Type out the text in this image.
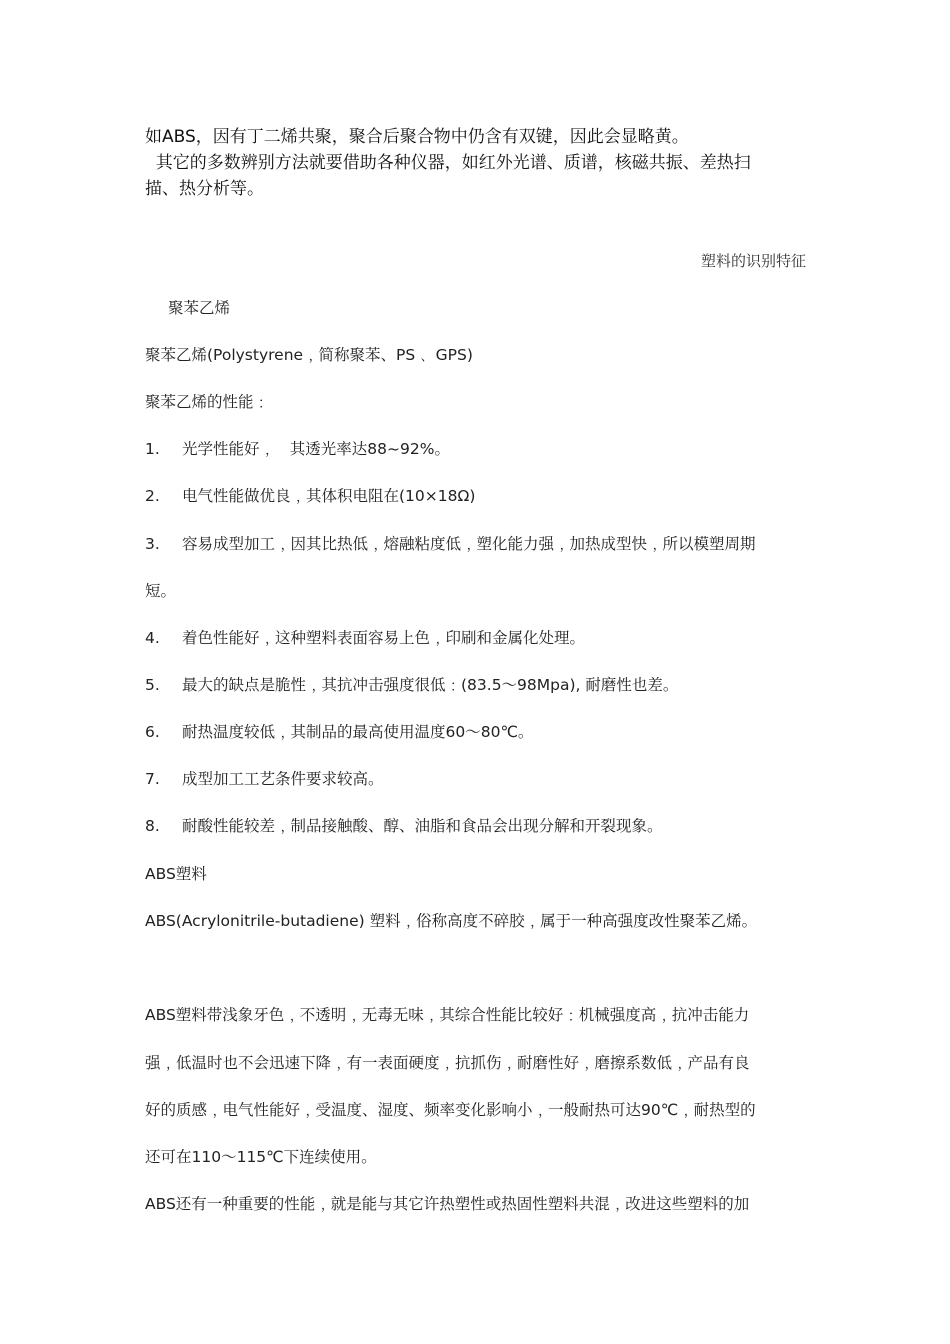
如ABS，因有丁二烯共聚，聚合后聚合物中仍含有双键，因此会显略黄。
其它的多数辨别方法就要借助各种仪器，如红外光谱、质谱，核磁共振、差热扫
描、热分析等。
塑料的识别特征
聚苯乙烯
聚苯乙烯(Polystyrene﹐简称聚苯、PS﹑ GPS)
聚苯乙烯的性能﹕
1. 光学性能好﹐   其透光率达88~92%。
2. 电气性能做优良﹐其体积电阻在(10×18Ω)
3. 容易成型加工﹐因其比热低﹐熔融粘度低﹐塑化能力强﹐加热成型快﹐所以模塑周期
短。
4. 着色性能好﹐这种塑料表面容易上色﹐印刷和金属化处理。
5. 最大的缺点是脆性﹐其抗冲击强度很低﹕(83.5～98Mpa), 耐磨性也差。
6. 耐热温度较低﹐其制品的最高使用温度60～80℃。
7. 成型加工工艺条件要求较高。
8. 耐酸性能较差﹐制品接触酸、醇、油脂和食品会出现分解和开裂现象。
ABS塑料
ABS(Acrylonitrile-butadiene) 塑料﹐俗称高度不碎胶﹐属于一种高强度改性聚苯乙烯。
ABS塑料带浅象牙色﹐不透明﹐无毒无味﹐其综合性能比较好﹕机械强度高﹐抗冲击能力
强﹐低温时也不会迅速下降﹐有一表面硬度﹐抗抓伤﹐耐磨性好﹐磨擦系数低﹐产品有良
好的质感﹐电气性能好﹐受温度、湿度、频率变化影响小﹐一般耐热可达90℃﹐耐热型的
还可在110～115℃下连续使用。
ABS还有一种重要的性能﹐就是能与其它许热塑性或热固性塑料共混﹐改进这些塑料的加
